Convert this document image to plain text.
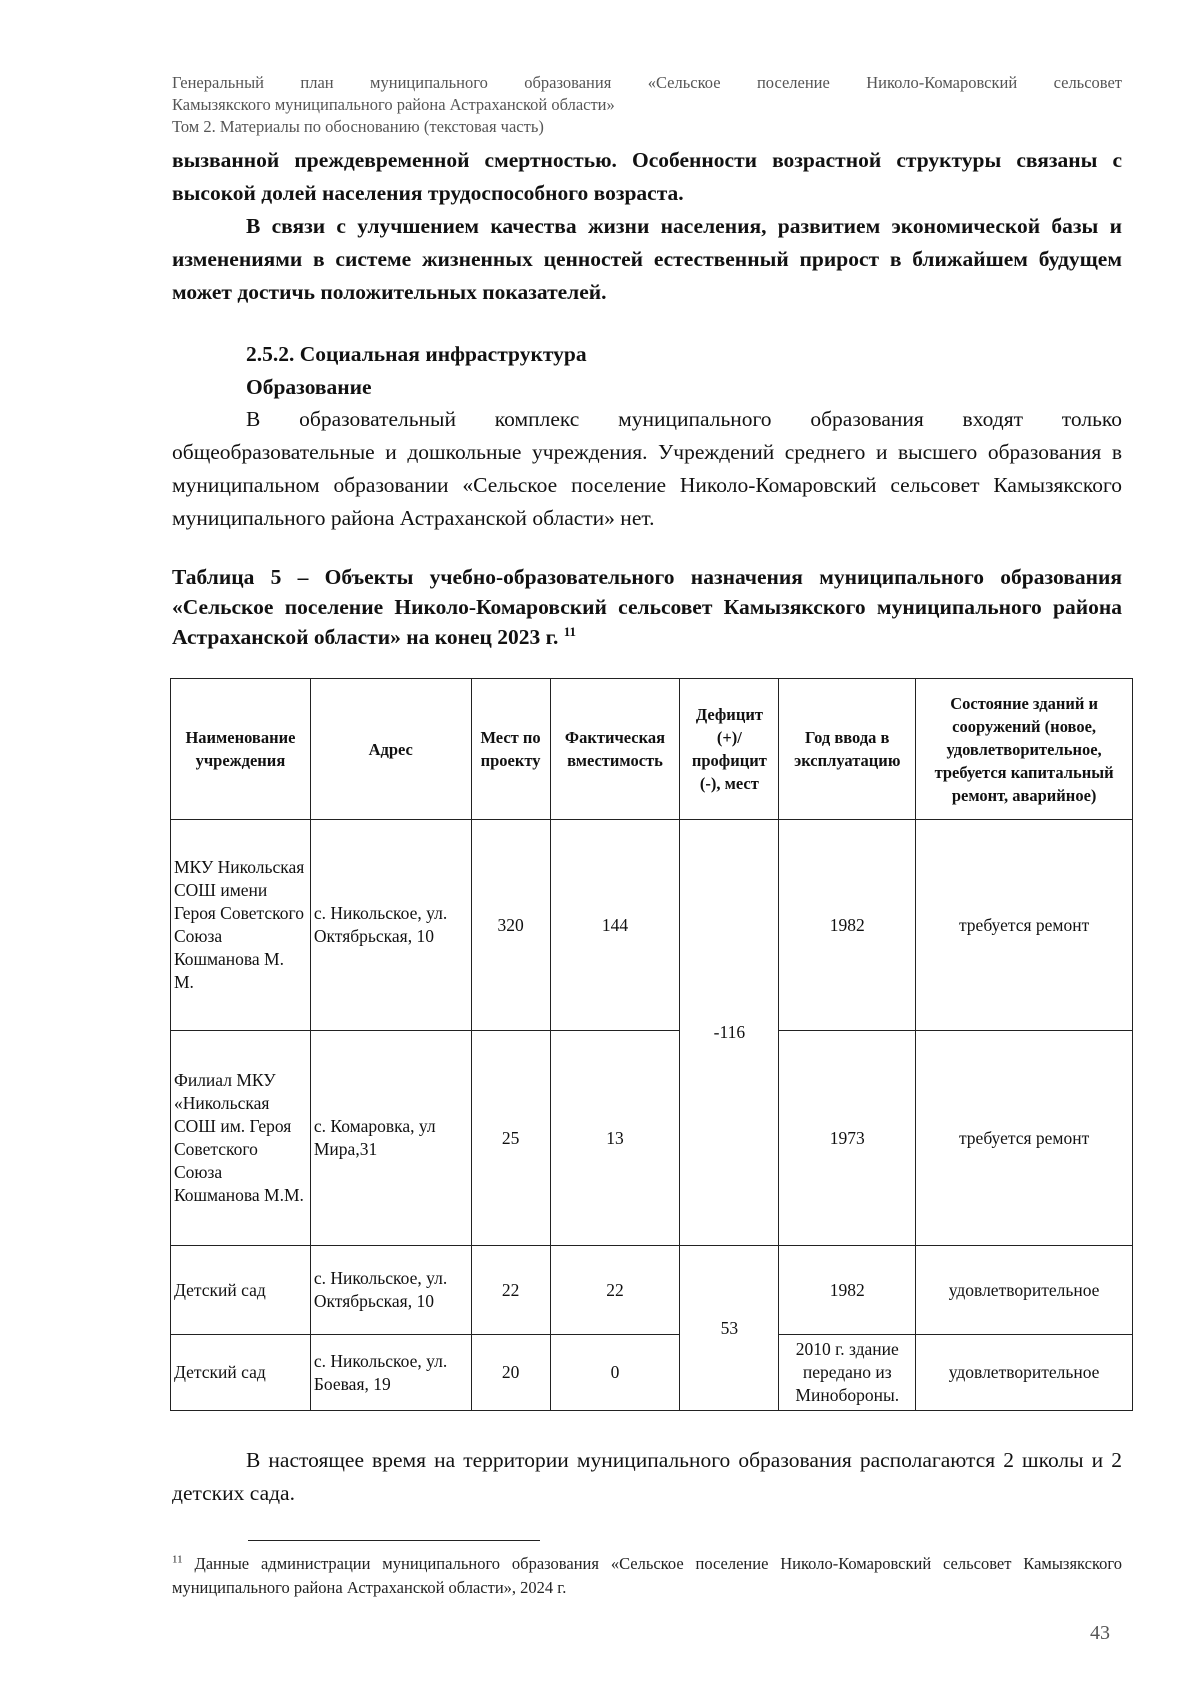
Генеральный план муниципального образования «Сельское поселение Николо-Комаровский сельсовет
Камызякского муниципального района Астраханской области»
Том 2. Материалы по обоснованию (текстовая часть)
вызванной преждевременной смертностью. Особенности возрастной структуры связаны с высокой долей населения трудоспособного возраста.
В связи с улучшением качества жизни населения, развитием экономической базы и изменениями в системе жизненных ценностей естественный прирост в ближайшем будущем может достичь положительных показателей.
2.5.2. Социальная инфраструктура
Образование
В образовательный комплекс муниципального образования входят только общеобразовательные и дошкольные учреждения. Учреждений среднего и высшего образования в муниципальном образовании «Сельское поселение Николо-Комаровский сельсовет Камызякского муниципального района Астраханской области» нет.
Таблица 5 – Объекты учебно-образовательного назначения муниципального образования «Сельское поселение Николо-Комаровский сельсовет Камызякского муниципального района Астраханской области» на конец 2023 г. $^{11}$
Наименование учреждения	Адрес	Мест по проекту	Фактическая вместимость	Дефицит (+)/ профицит (-), мест	Год ввода в эксплуатацию	Состояние зданий и сооружений (новое, удовлетворительное, требуется капитальный ремонт, аварийное)
МКУ Никольская СОШ имени Героя Советского Союза Кошманова М. М.	с. Никольское, ул. Октябрьская, 10	320	144	-116	1982	требуется ремонт
Филиал МКУ «Никольская СОШ им. Героя Советского Союза Кошманова М.М.	с. Комаровка, ул Мира,31	25	13		1973	требуется ремонт
Детский сад	с. Никольское, ул. Октябрьская, 10	22	22	53	1982	удовлетворительное
Детский сад	с. Никольское, ул. Боевая, 19	20	0		2010 г. здание передано из Минобороны.	удовлетворительное
В настоящее время на территории муниципального образования располагаются 2 школы и 2 детских сада.
$^{11}$ Данные администрации муниципального образования «Сельское поселение Николо-Комаровский сельсовет Камызякского муниципального района Астраханской области», 2024 г.
43
